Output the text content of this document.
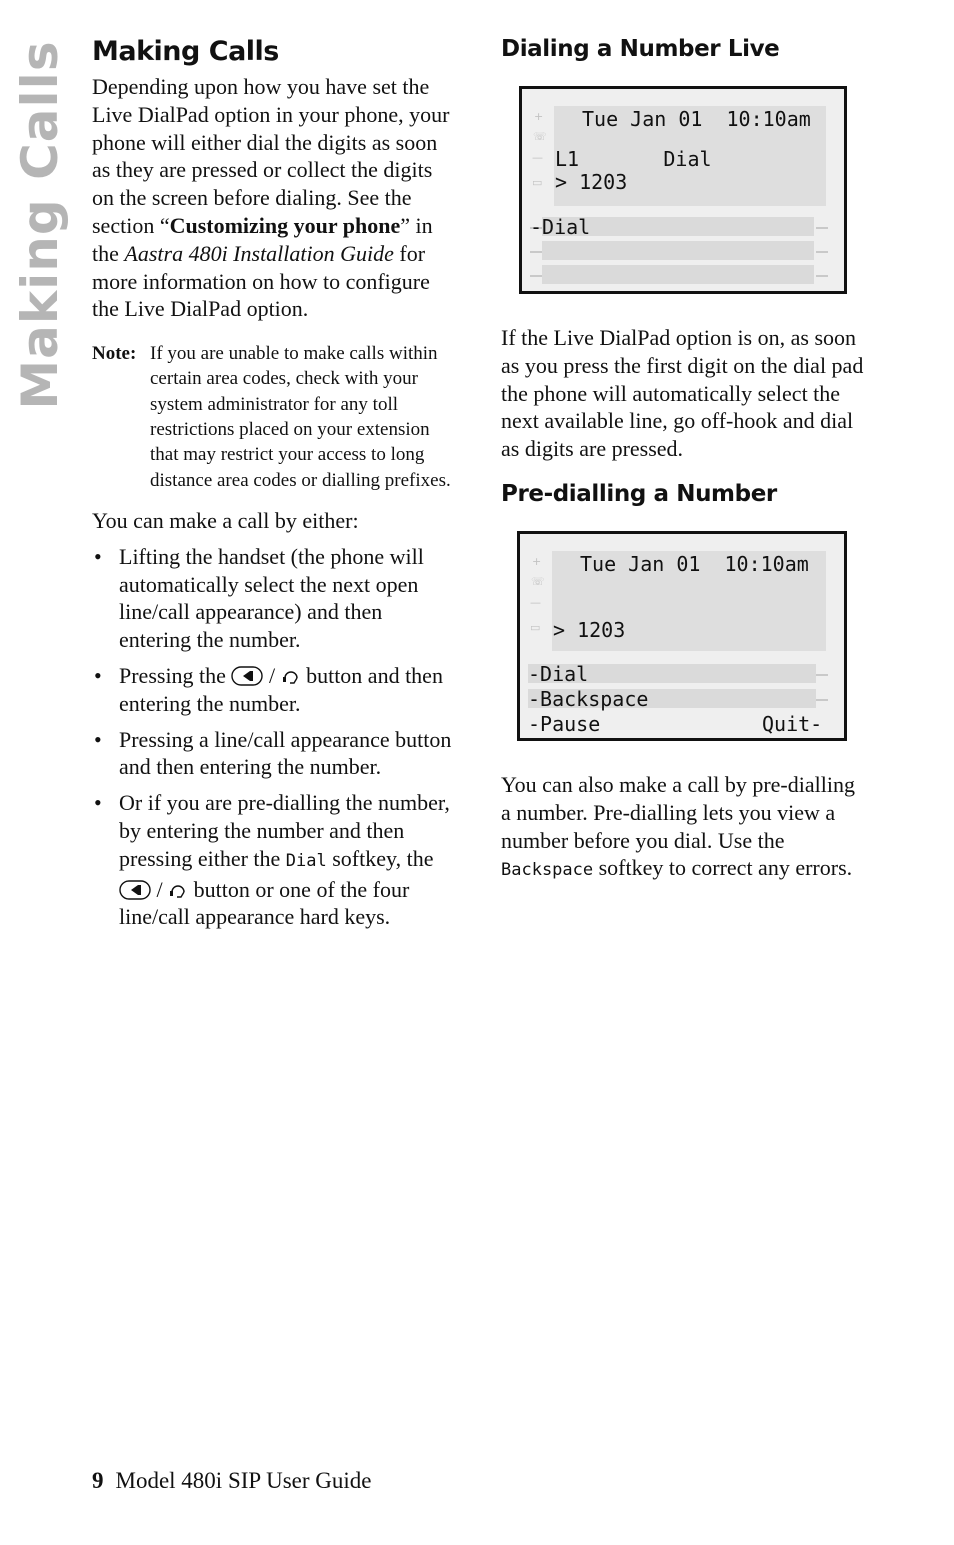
Making Calls Making Calls

Depending upon how you have set the Live DialPad option in your phone, your phone will either dial the digits as soon as they are pressed or collect the digits on the screen before dialing. See the section “Customizing your phone” in the Aastra 480i Installation Guide for more information on how to configure the Live DialPad option.

Note: If you are unable to make calls within certain area codes, check with your system administrator for any toll restrictions placed on your extension that may restrict your access to long distance area codes or dialling prefixes.

You can make a call by either:

• Lifting the handset (the phone will automatically select the next open line/call appearance) and then entering the number.
• Pressing the / button and then entering the number.
• Pressing a line/call appearance button and then entering the number.
• Or if you are pre-dialling the number, by entering the number and then pressing either the Dial softkey, the  / button or one of the four line/call appearance hard keys.
Dialing a Number Live
+
☏
—
▭
Tue Jan 01  10:10am
L1       Dial
> 1203
-Dial

If the Live DialPad option is on, as soon as you press the first digit on the dial pad the phone will automatically select the next available line, go off-hook and dial as digits are pressed.

Pre-dialling a Number
+
☏
—
▭
Tue Jan 01  10:10am
> 1203
-Dial
-Backspace
-Pause	Quit-

You can also make a call by pre-dialling a number. Pre-dialling lets you view a number before you dial. Use the Backspace softkey to correct any errors.

9 Model 480i SIP User Guide
